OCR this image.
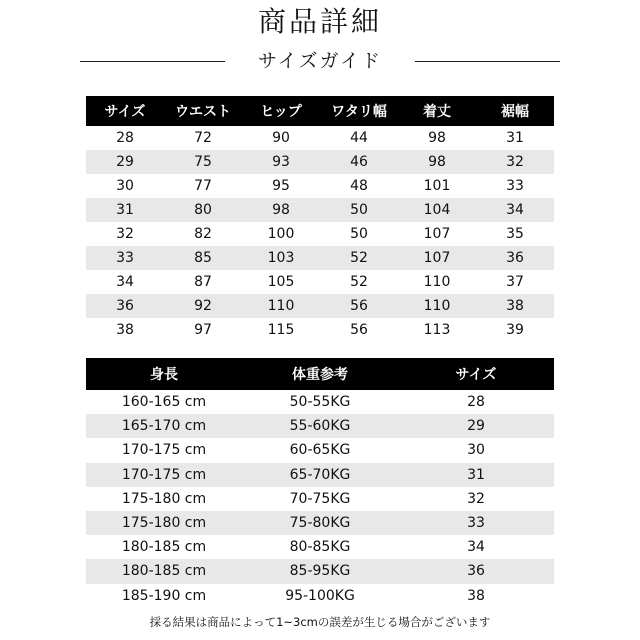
商品詳細
サイズガイド
サイズ	ウエスト	ヒップ	ワタリ幅	着丈	裾幅
28	72	90	44	98	31
29	75	93	46	98	32
30	77	95	48	101	33
31	80	98	50	104	34
32	82	100	50	107	35
33	85	103	52	107	36
34	87	105	52	110	37
36	92	110	56	110	38
38	97	115	56	113	39
身長	体重参考	サイズ
160-165 cm	50-55KG	28
165-170 cm	55-60KG	29
170-175 cm	60-65KG	30
170-175 cm	65-70KG	31
175-180 cm	70-75KG	32
175-180 cm	75-80KG	33
180-185 cm	80-85KG	34
180-185 cm	85-95KG	36
185-190 cm	95-100KG	38
採る結果は商品によって1~3cmの誤差が生じる場合がございます
